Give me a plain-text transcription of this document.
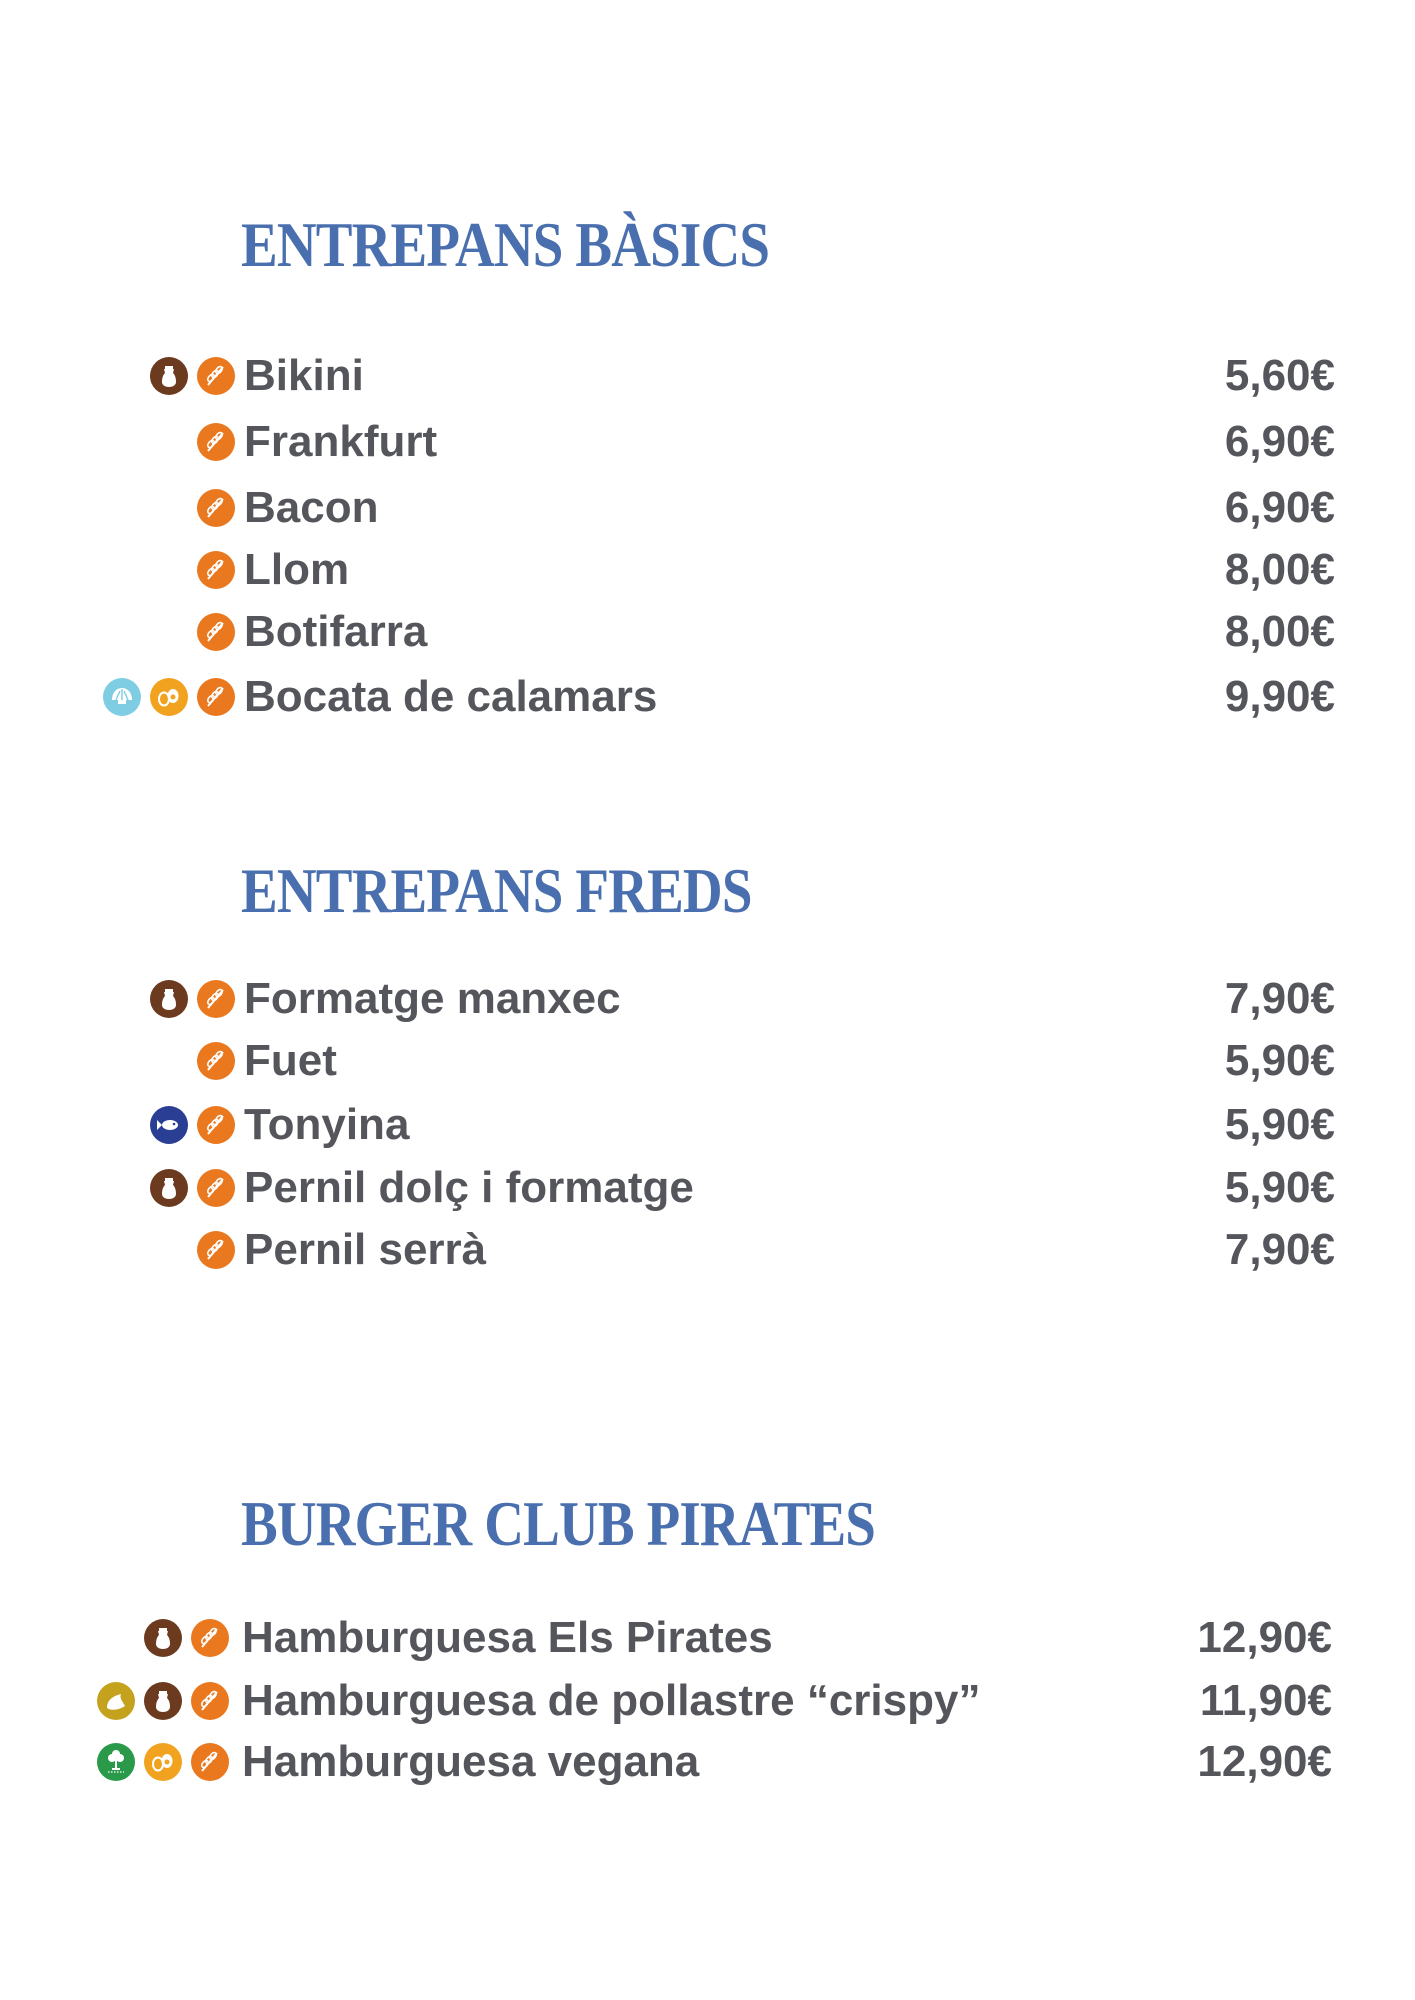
ENTREPANS BÀSICS
Bikini	5,60€
Frankfurt	6,90€
Bacon	6,90€
Llom	8,00€
Botifarra	8,00€
Bocata de calamars	9,90€
ENTREPANS FREDS
Formatge manxec	7,90€
Fuet	5,90€
Tonyina	5,90€
Pernil dolç i formatge	5,90€
Pernil serrà	7,90€
BURGER CLUB PIRATES
Hamburguesa Els Pirates	12,90€
Hamburguesa de pollastre “crispy”	11,90€
Hamburguesa vegana	12,90€
